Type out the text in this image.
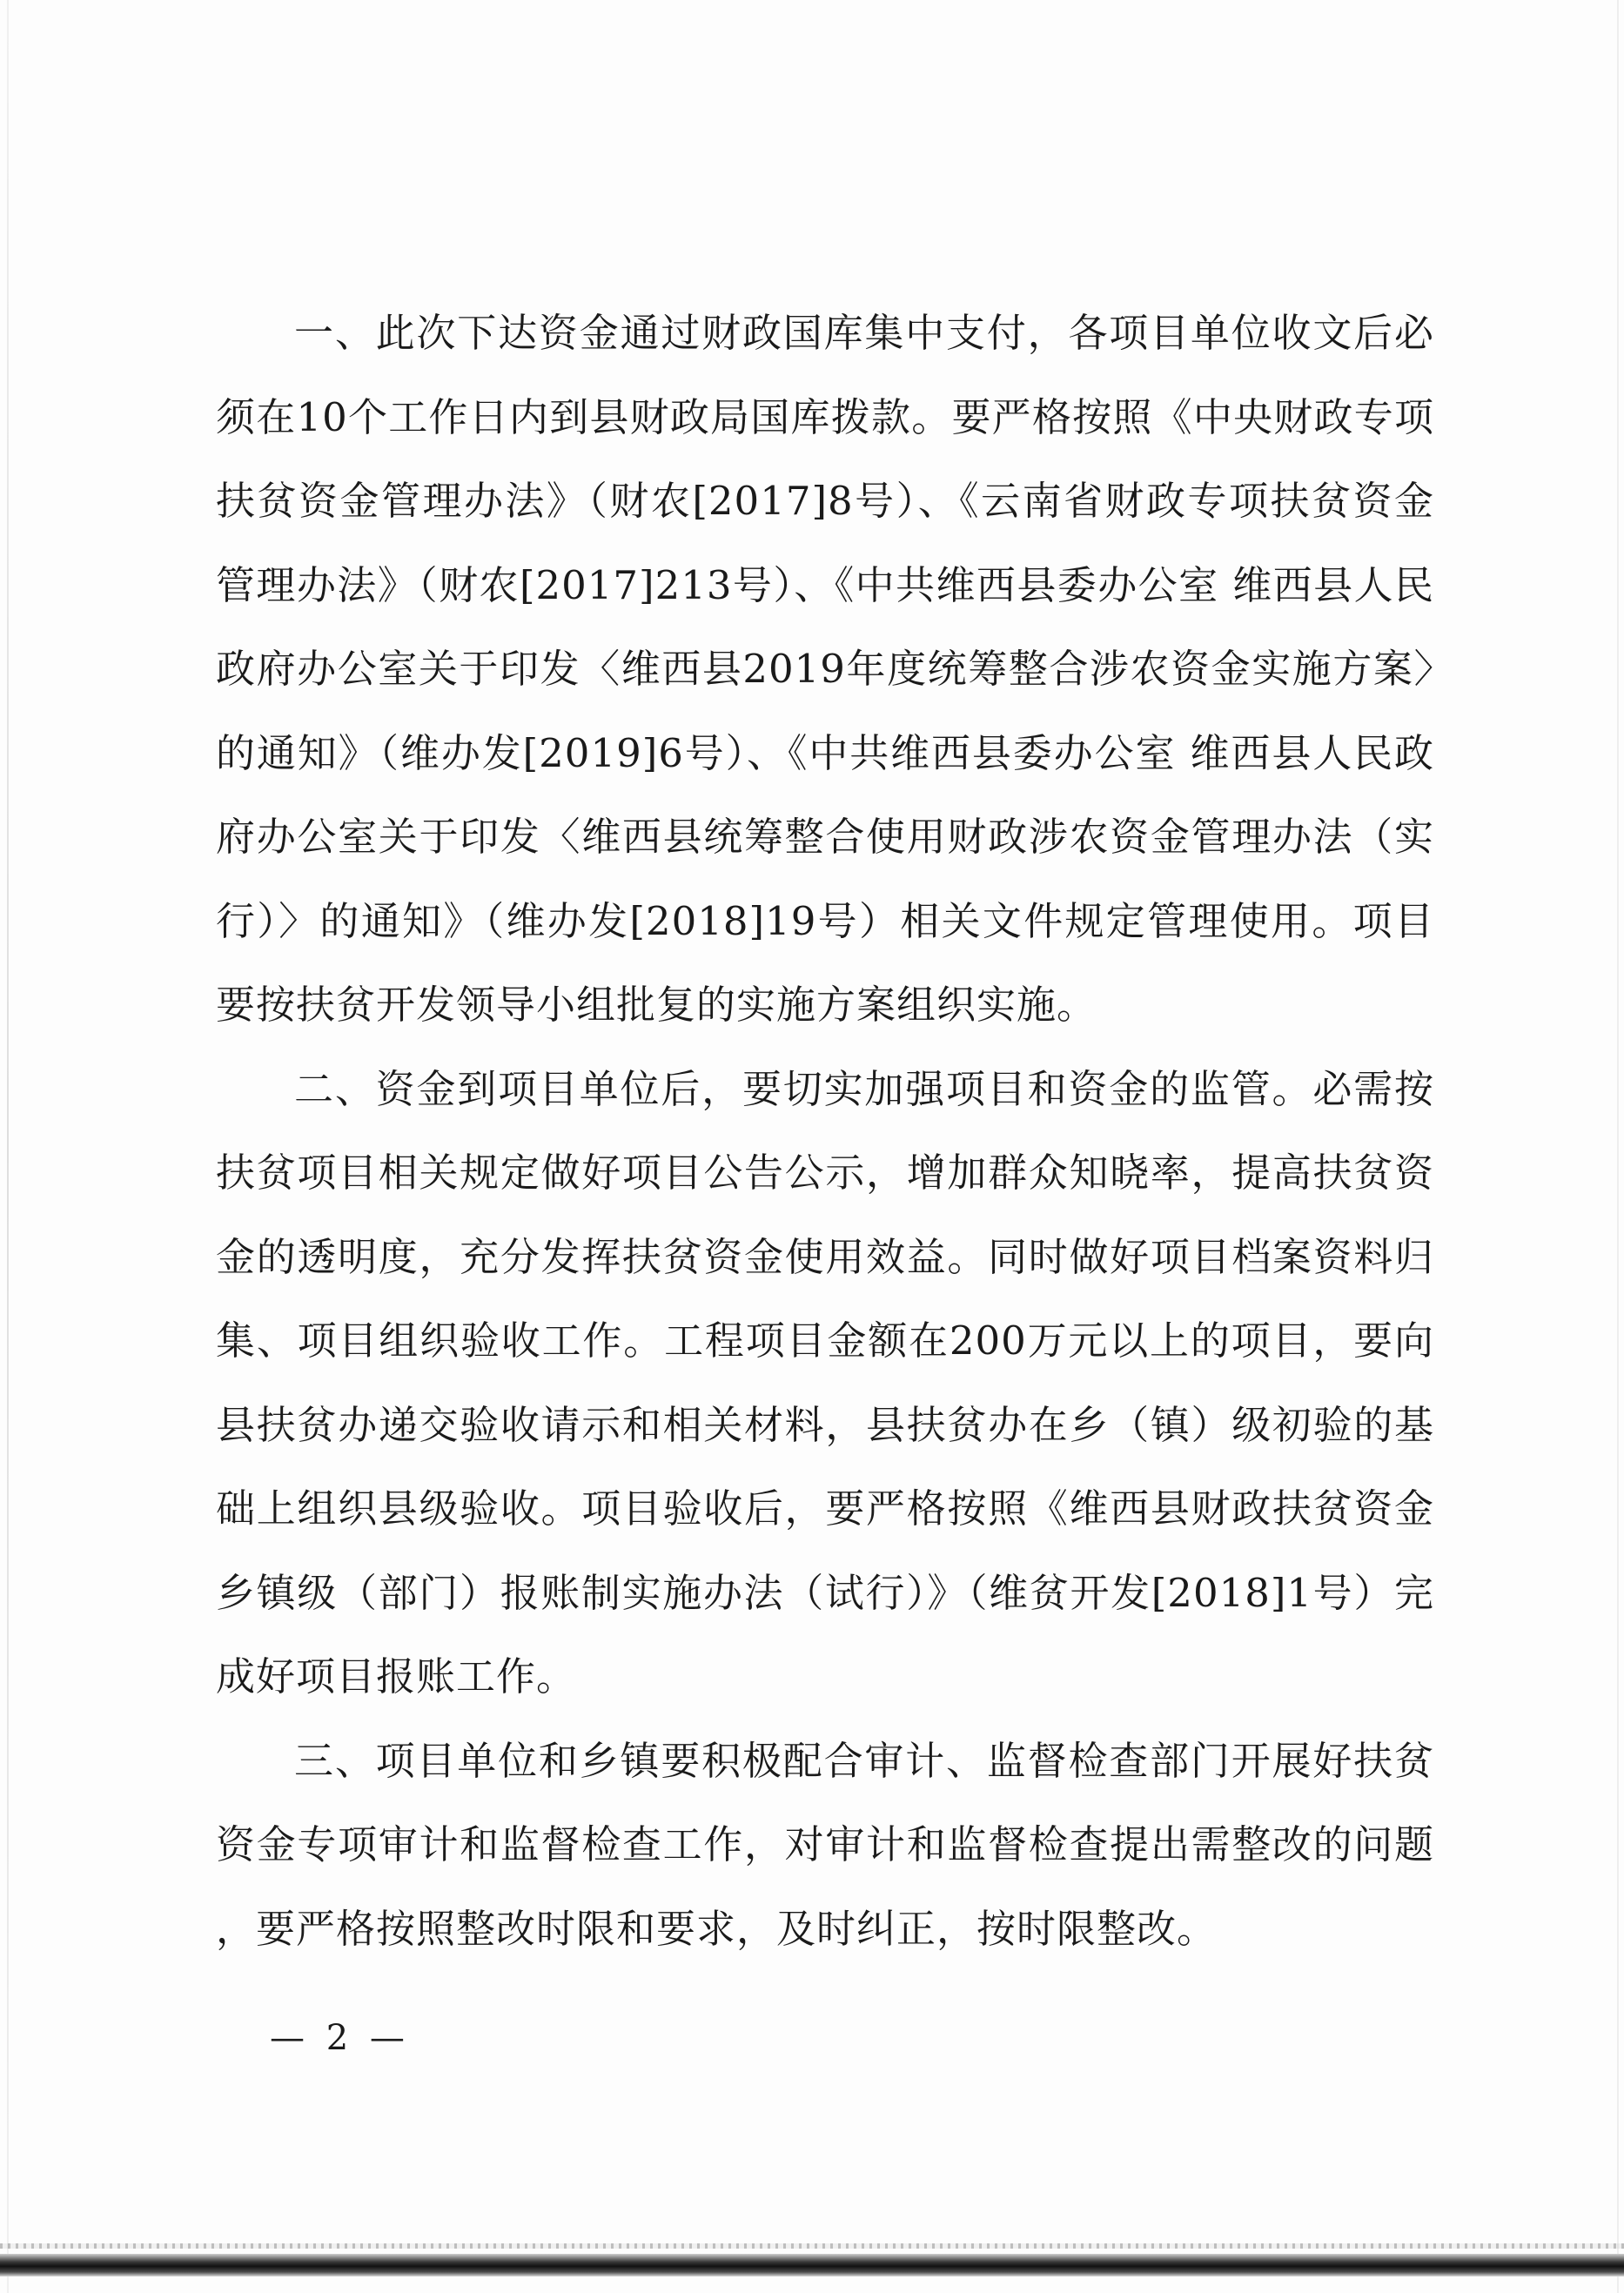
一、此次下达资金通过财政国库集中支付，各项目单位收文后必须在10个工作日内到县财政局国库拨款。要严格按照《中央财政专项扶贫资金管理办法》（财农[2017]8号）、《云南省财政专项扶贫资金管理办法》（财农[2017]213号）、《中共维西县委办公室 维西县人民政府办公室关于印发〈维西县2019年度统筹整合涉农资金实施方案〉的通知》（维办发[2019]6号）、《中共维西县委办公室 维西县人民政府办公室关于印发〈维西县统筹整合使用财政涉农资金管理办法（实行）〉的通知》（维办发[2018]19号）相关文件规定管理使用。项目要按扶贫开发领导小组批复的实施方案组织实施。

二、资金到项目单位后，要切实加强项目和资金的监管。必需按扶贫项目相关规定做好项目公告公示，增加群众知晓率，提高扶贫资金的透明度，充分发挥扶贫资金使用效益。同时做好项目档案资料归集、项目组织验收工作。工程项目金额在200万元以上的项目，要向县扶贫办递交验收请示和相关材料，县扶贫办在乡（镇）级初验的基础上组织县级验收。项目验收后，要严格按照《维西县财政扶贫资金乡镇级（部门）报账制实施办法（试行）》（维贫开发[2018]1号）完成好项目报账工作。

三、项目单位和乡镇要积极配合审计、监督检查部门开展好扶贫资金专项审计和监督检查工作，对审计和监督检查提出需整改的问题，要严格按照整改时限和要求，及时纠正，按时限整改。

— 2 —
